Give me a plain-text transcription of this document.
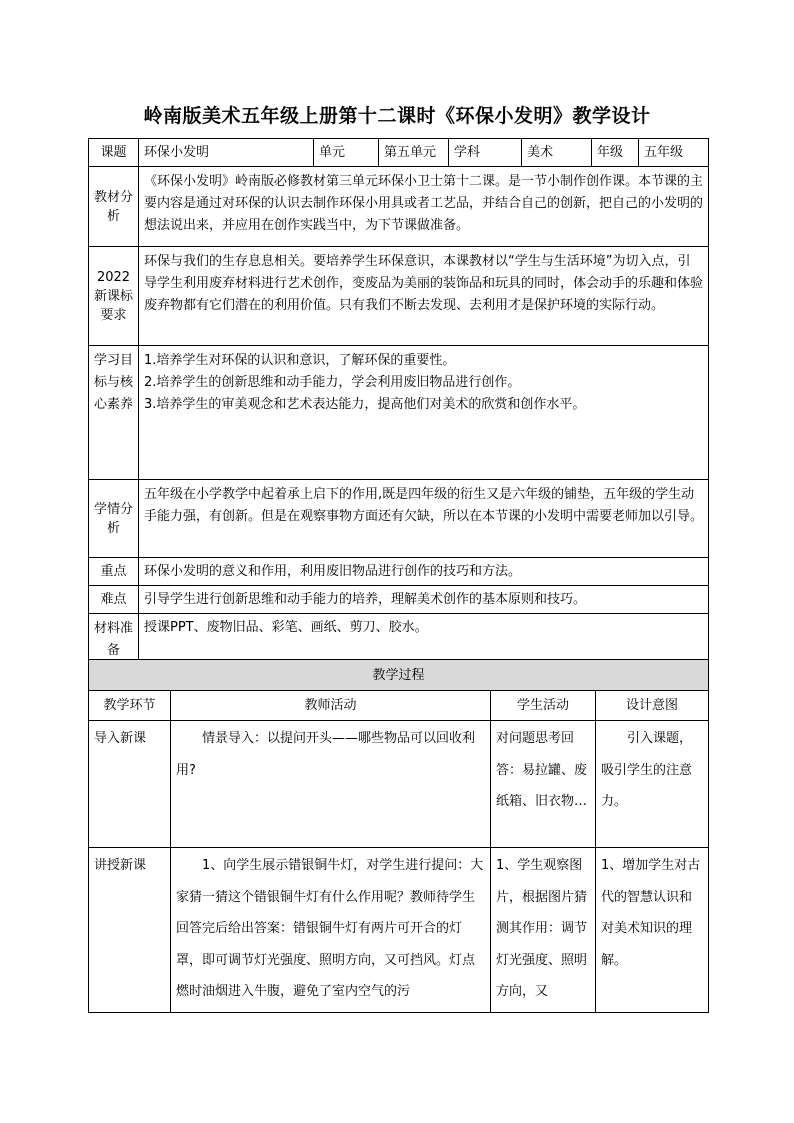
岭南版美术五年级上册第十二课时《环保小发明》教学设计
课题	环保小发明	单元	第五单元	学科	美术	年级	五年级
教材分析	《环保小发明》岭南版必修教材第三单元环保小卫士第十二课。是一节小制作创作课。本节课的主要内容是通过对环保的认识去制作环保小用具或者工艺品，并结合自己的创新，把自己的小发明的想法说出来，并应用在创作实践当中，为下节课做准备。						
2022新课标要求	环保与我们的生存息息相关。要培养学生环保意识，本课教材以“学生与生活环境”为切入点，引导学生利用废弃材料进行艺术创作，变废品为美丽的装饰品和玩具的同时，体会动手的乐趣和体验废弃物都有它们潜在的利用价值。只有我们不断去发现、去利用才是保护环境的实际行动。						
学习目标与核心素养	1.培养学生对环保的认识和意识，了解环保的重要性。
2.培养学生的创新思维和动手能力，学会利用废旧物品进行创作。
3.培养学生的审美观念和艺术表达能力，提高他们对美术的欣赏和创作水平。						

学情分析	五年级在小学教学中起着承上启下的作用,既是四年级的衍生又是六年级的铺垫，五年级的学生动手能力强，有创新。但是在观察事物方面还有欠缺，所以在本节课的小发明中需要老师加以引导。						
重点	环保小发明的意义和作用，利用废旧物品进行创作的技巧和方法。						
难点	引导学生进行创新思维和动手能力的培养，理解美术创作的基本原则和技巧。						
材料准备	授课PPT、废物旧品、彩笔、画纸、剪刀、胶水。						
教学过程			
教学环节	教师活动	学生活动	设计意图
导入新课	情景导入：以提问开头——哪些物品可以回收利用?	对问题思考回答：易拉罐、废纸箱、旧衣物…	引入课题，吸引学生的注意力。
讲授新课	1、向学生展示错银铜牛灯，对学生进行提问：大家猜一猜这个错银铜牛灯有什么作用呢？教师待学生回答完后给出答案：错银铜牛灯有两片可开合的灯罩，即可调节灯光强度、照明方向，又可挡风。灯点燃时油烟进入牛腹，避免了室内空气的污	1、学生观察图片，根据图片猜测其作用：调节灯光强度、照明方向，又	1、增加学生对古代的智慧认识和对美术知识的理解。
